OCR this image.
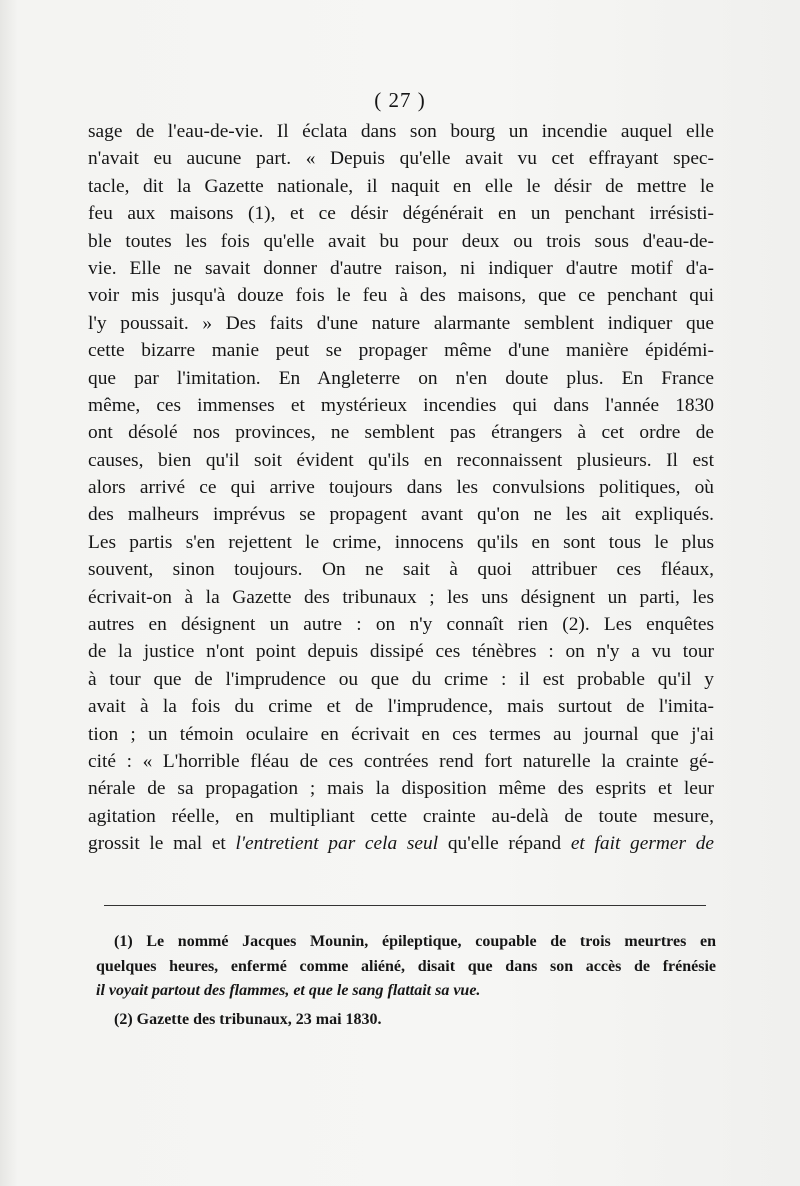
( 27 )
sage de l'eau-de-vie. Il éclata dans son bourg un incendie auquel elle
n'avait eu aucune part. « Depuis qu'elle avait vu cet effrayant spec-
tacle, dit la Gazette nationale, il naquit en elle le désir de mettre le
feu aux maisons (1), et ce désir dégénérait en un penchant irrésisti-
ble toutes les fois qu'elle avait bu pour deux ou trois sous d'eau-de-
vie. Elle ne savait donner d'autre raison, ni indiquer d'autre motif d'a-
voir mis jusqu'à douze fois le feu à des maisons, que ce penchant qui
l'y poussait. » Des faits d'une nature alarmante semblent indiquer que
cette bizarre manie peut se propager même d'une manière épidémi-
que par l'imitation. En Angleterre on n'en doute plus. En France
même, ces immenses et mystérieux incendies qui dans l'année 1830
ont désolé nos provinces, ne semblent pas étrangers à cet ordre de
causes, bien qu'il soit évident qu'ils en reconnaissent plusieurs. Il est
alors arrivé ce qui arrive toujours dans les convulsions politiques, où
des malheurs imprévus se propagent avant qu'on ne les ait expliqués.
Les partis s'en rejettent le crime, innocens qu'ils en sont tous le plus
souvent, sinon toujours. On ne sait à quoi attribuer ces fléaux,
écrivait-on à la Gazette des tribunaux ; les uns désignent un parti, les
autres en désignent un autre : on n'y connaît rien (2). Les enquêtes
de la justice n'ont point depuis dissipé ces ténèbres : on n'y a vu tour
à tour que de l'imprudence ou que du crime : il est probable qu'il y
avait à la fois du crime et de l'imprudence, mais surtout de l'imita-
tion ; un témoin oculaire en écrivait en ces termes au journal que j'ai
cité : « L'horrible fléau de ces contrées rend fort naturelle la crainte gé-
nérale de sa propagation ; mais la disposition même des esprits et leur
agitation réelle, en multipliant cette crainte au-delà de toute mesure,
grossit le mal et l'entretient par cela seul qu'elle répand et fait germer de
(1) Le nommé Jacques Mounin, épileptique, coupable de trois meurtres en
quelques heures, enfermé comme aliéné, disait que dans son accès de frénésie
il voyait partout des flammes, et que le sang flattait sa vue.
(2) Gazette des tribunaux, 23 mai 1830.
